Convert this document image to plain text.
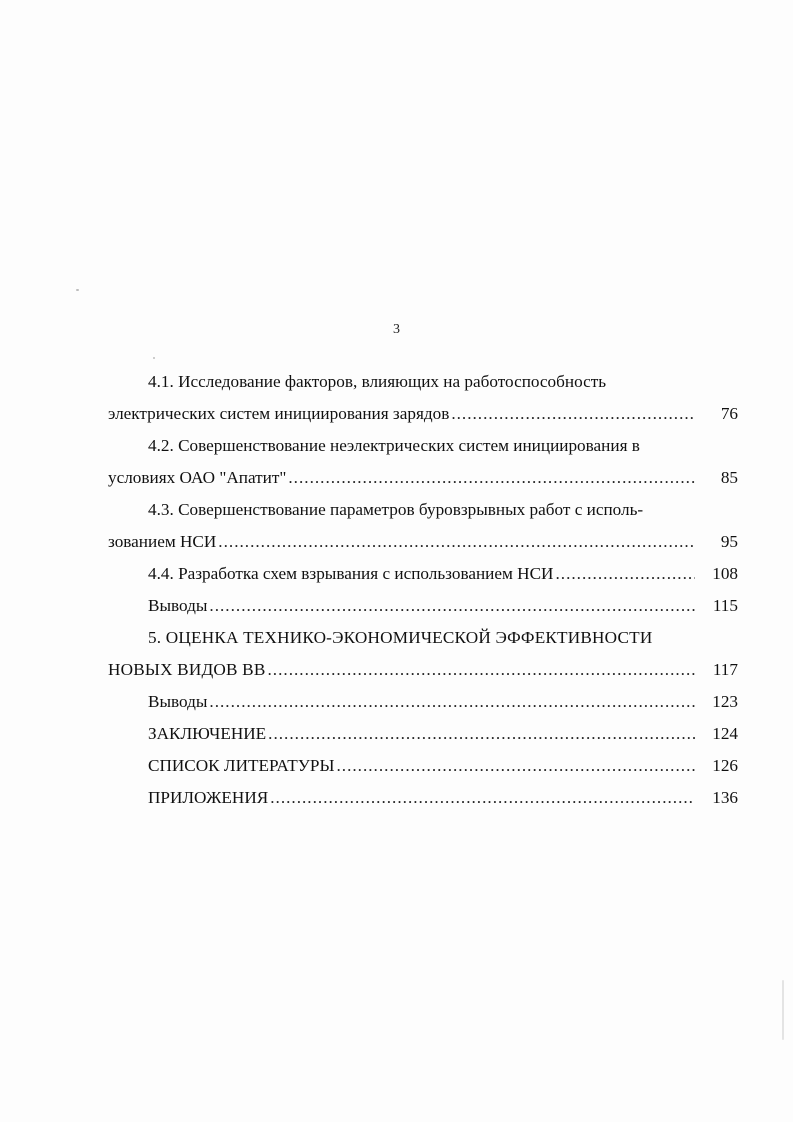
3
4.1. Исследование факторов, влияющих на работоспособность
электрических систем инициирования зарядов .....	76
4.2. Совершенствование неэлектрических систем инициирования в
условиях ОАО "Апатит" .....	85
4.3. Совершенствование параметров буровзрывных работ с исполь-
зованием НСИ .....	95
4.4. Разработка схем взрывания с использованием НСИ .....	108
Выводы .....	115
5. ОЦЕНКА ТЕХНИКО-ЭКОНОМИЧЕСКОЙ ЭФФЕКТИВНОСТИ
НОВЫХ ВИДОВ ВВ .....	117
Выводы .....	123
ЗАКЛЮЧЕНИЕ .....	124
СПИСОК ЛИТЕРАТУРЫ .....	126
ПРИЛОЖЕНИЯ .....	136
